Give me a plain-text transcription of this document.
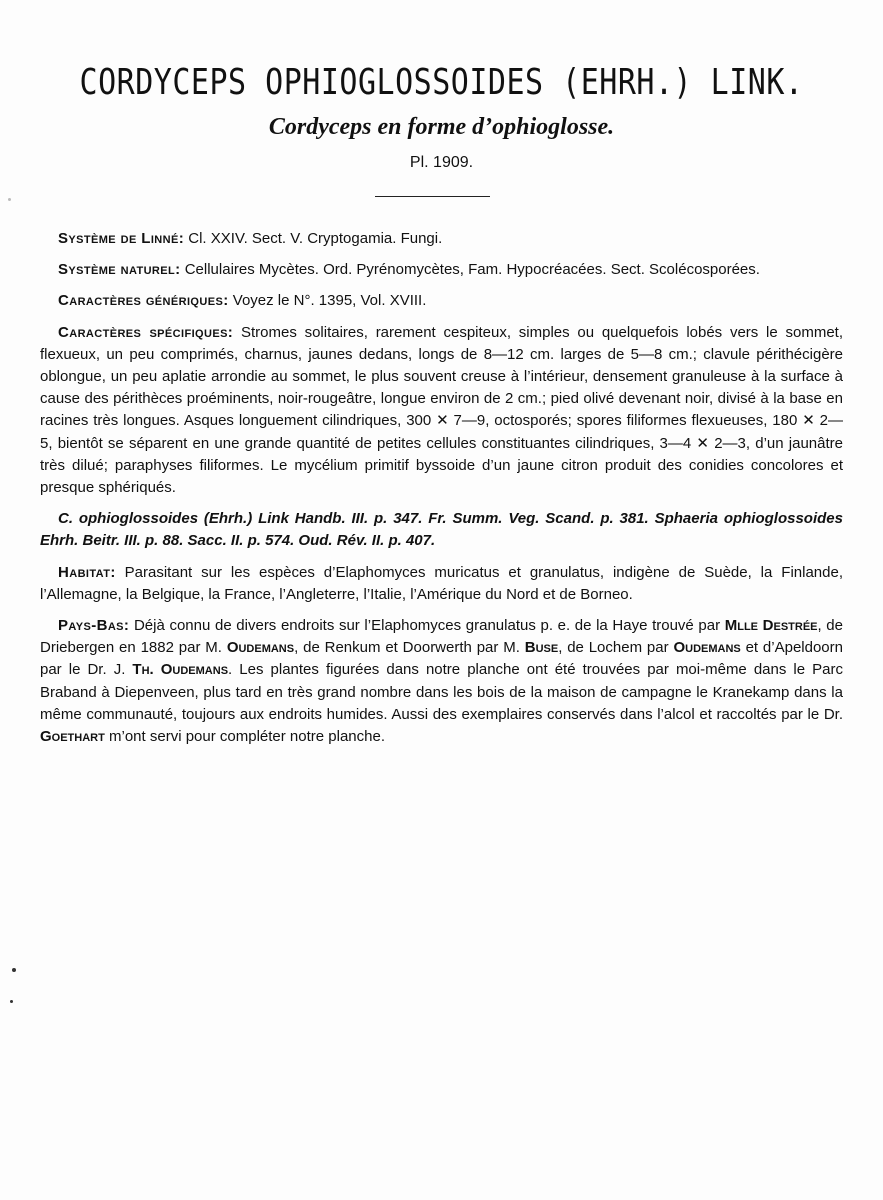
CORDYCEPS OPHIOGLOSSOIDES (EHRH.) LINK.
Cordyceps en forme d’ophioglosse.
Pl. 1909.

Système de Linné: Cl. XXIV. Sect. V. Cryptogamia. Fungi.

Système naturel: Cellulaires Mycètes. Ord. Pyrénomycètes, Fam. Hypocréacées. Sect. Scolécosporées.

Caractères génériques: Voyez le N°. 1395, Vol. XVIII.

Caractères spécifiques: Stromes solitaires, rarement cespiteux, simples ou quelquefois lobés vers le sommet, flexueux, un peu comprimés, charnus, jaunes dedans, longs de 8—12 cm. larges de 5—8 cm.; clavule périthécigère oblongue, un peu aplatie arrondie au sommet, le plus souvent creuse à l’intérieur, densement granuleuse à la surface à cause des périthèces proéminents, noir-rougeâtre, longue environ de 2 cm.; pied olivé devenant noir, divisé à la base en racines très longues. Asques longuement cilindriques, 300 ✕ 7—9, octosporés; spores filiformes flexueuses, 180 ✕ 2—5, bientôt se séparent en une grande quantité de petites cellules constituantes cilindriques, 3—4 ✕ 2—3, d’un jaunâtre très dilué; paraphyses filiformes. Le mycélium primitif byssoide d’un jaune citron produit des conidies concolores et presque sphériqués.

C. ophioglossoides (Ehrh.) Link Handb. III. p. 347. Fr. Summ. Veg. Scand. p. 381. Sphaeria ophioglossoides Ehrh. Beitr. III. p. 88. Sacc. II. p. 574. Oud. Rév. II. p. 407.

Habitat: Parasitant sur les espèces d’Elaphomyces muricatus et granulatus, indigène de Suède, la Finlande, l’Allemagne, la Belgique, la France, l’Angleterre, l’Italie, l’Amérique du Nord et de Borneo.

Pays-Bas: Déjà connu de divers endroits sur l’Elaphomyces granulatus p. e. de la Haye trouvé par Mlle Destrée, de Driebergen en 1882 par M. Oudemans, de Renkum et Doorwerth par M. Buse, de Lochem par Oudemans et d’Apeldoorn par le Dr. J. Th. Oudemans. Les plantes figurées dans notre planche ont été trouvées par moi-même dans le Parc Braband à Diepenveen, plus tard en très grand nombre dans les bois de la maison de campagne le Kranekamp dans la même communauté, toujours aux endroits humides. Aussi des exemplaires conservés dans l’alcol et raccoltés par le Dr. Goethart m’ont servi pour compléter notre planche.
